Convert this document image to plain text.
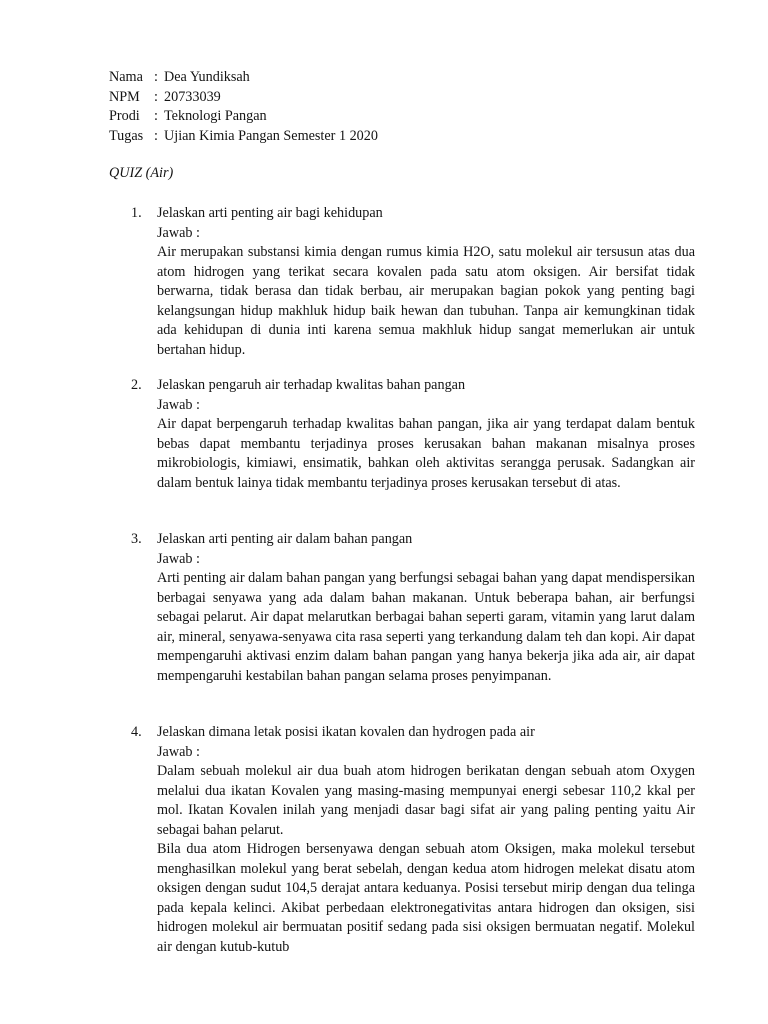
Nama : Dea Yundiksah
NPM : 20733039
Prodi : Teknologi Pangan
Tugas : Ujian Kimia Pangan Semester 1 2020
QUIZ (Air)
1. Jelaskan arti penting air bagi kehidupan
Jawab :

Air merupakan substansi kimia dengan rumus kimia H2O, satu molekul air tersusun atas dua atom hidrogen yang terikat secara kovalen pada satu atom oksigen. Air bersifat tidak berwarna, tidak berasa dan tidak berbau, air merupakan bagian pokok yang penting bagi kelangsungan hidup makhluk hidup baik hewan dan tubuhan. Tanpa air kemungkinan tidak ada kehidupan di dunia inti karena semua makhluk hidup sangat memerlukan air untuk bertahan hidup.

2. Jelaskan pengaruh air terhadap kwalitas bahan pangan
Jawab :

Air dapat berpengaruh terhadap kwalitas bahan pangan, jika air yang terdapat dalam bentuk bebas dapat membantu terjadinya proses kerusakan bahan makanan misalnya proses mikrobiologis, kimiawi, ensimatik, bahkan oleh aktivitas serangga perusak. Sadangkan air dalam bentuk lainya tidak membantu terjadinya proses kerusakan tersebut di atas.

3. Jelaskan arti penting air dalam bahan pangan
Jawab :

Arti penting air dalam bahan pangan yang berfungsi sebagai bahan yang dapat mendispersikan berbagai senyawa yang ada dalam bahan makanan. Untuk beberapa bahan, air berfungsi sebagai pelarut. Air dapat melarutkan berbagai bahan seperti garam, vitamin yang larut dalam air, mineral, senyawa-senyawa cita rasa seperti yang terkandung dalam teh dan kopi. Air dapat mempengaruhi aktivasi enzim dalam bahan pangan yang hanya bekerja jika ada air, air dapat mempengaruhi kestabilan bahan pangan selama proses penyimpanan.

4. Jelaskan dimana letak posisi ikatan kovalen dan hydrogen pada air
Jawab :

Dalam sebuah molekul air dua buah atom hidrogen berikatan dengan sebuah atom Oxygen melalui dua ikatan Kovalen yang masing-masing mempunyai energi sebesar 110,2 kkal per mol. Ikatan Kovalen inilah yang menjadi dasar bagi sifat air yang paling penting yaitu Air sebagai bahan pelarut.

Bila dua atom Hidrogen bersenyawa dengan sebuah atom Oksigen, maka molekul tersebut menghasilkan molekul yang berat sebelah, dengan kedua atom hidrogen melekat disatu atom oksigen dengan sudut 104,5 derajat antara keduanya. Posisi tersebut mirip dengan dua telinga pada kepala kelinci. Akibat perbedaan elektronegativitas antara hidrogen dan oksigen, sisi hidrogen molekul air bermuatan positif sedang pada sisi oksigen bermuatan negatif. Molekul air dengan kutub-kutub
